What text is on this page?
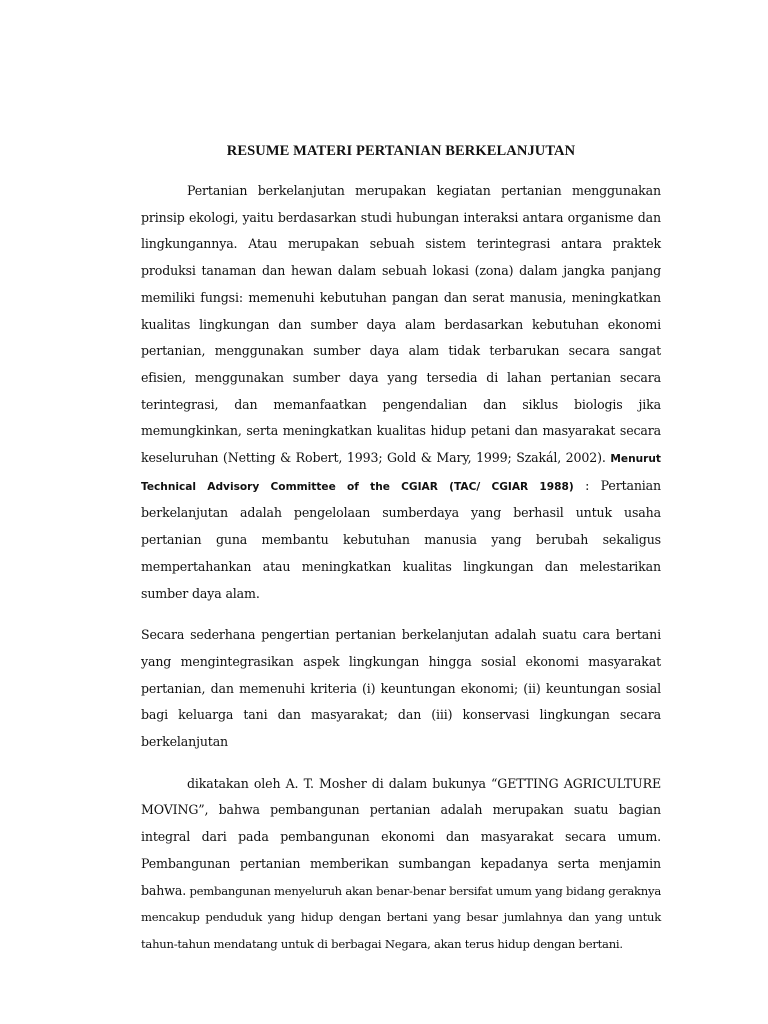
RESUME MATERI PERTANIAN BERKELANJUTAN

Pertanian berkelanjutan merupakan kegiatan pertanian menggunakan prinsip ekologi, yaitu berdasarkan studi hubungan interaksi antara organisme dan lingkungannya. Atau merupakan sebuah sistem terintegrasi antara praktek produksi tanaman dan hewan dalam sebuah lokasi (zona) dalam jangka panjang memiliki fungsi: memenuhi kebutuhan pangan dan serat manusia, meningkatkan kualitas lingkungan dan sumber daya alam berdasarkan kebutuhan ekonomi pertanian, menggunakan sumber daya alam tidak terbarukan secara sangat efisien, menggunakan sumber daya yang tersedia di lahan pertanian secara terintegrasi, dan memanfaatkan pengendalian dan siklus biologis jika memungkinkan, serta meningkatkan kualitas hidup petani dan masyarakat secara keseluruhan (Netting & Robert, 1993; Gold & Mary, 1999; Szakál, 2002). Menurut Technical Advisory Committee of the CGIAR (TAC/ CGIAR 1988) : Pertanian berkelanjutan adalah pengelolaan sumberdaya yang berhasil untuk usaha pertanian guna membantu kebutuhan manusia yang berubah sekaligus mempertahankan atau meningkatkan kualitas lingkungan dan melestarikan sumber daya alam.

Secara sederhana pengertian pertanian berkelanjutan adalah suatu cara bertani yang mengintegrasikan aspek lingkungan hingga sosial ekonomi masyarakat pertanian, dan memenuhi kriteria (i) keuntungan ekonomi; (ii) keuntungan sosial bagi keluarga tani dan masyarakat; dan (iii) konservasi lingkungan secara berkelanjutan

dikatakan oleh A. T. Mosher di dalam bukunya “GETTING AGRICULTURE MOVING”, bahwa pembangunan pertanian adalah merupakan suatu bagian integral dari pada pembangunan ekonomi dan masyarakat secara umum. Pembangunan pertanian memberikan sumbangan kepadanya serta menjamin bahwa. pembangunan menyeluruh akan benar-benar bersifat umum yang bidang geraknya mencakup penduduk yang hidup dengan bertani yang besar jumlahnya dan yang untuk tahun-tahun mendatang untuk di berbagai Negara, akan terus hidup dengan bertani.
